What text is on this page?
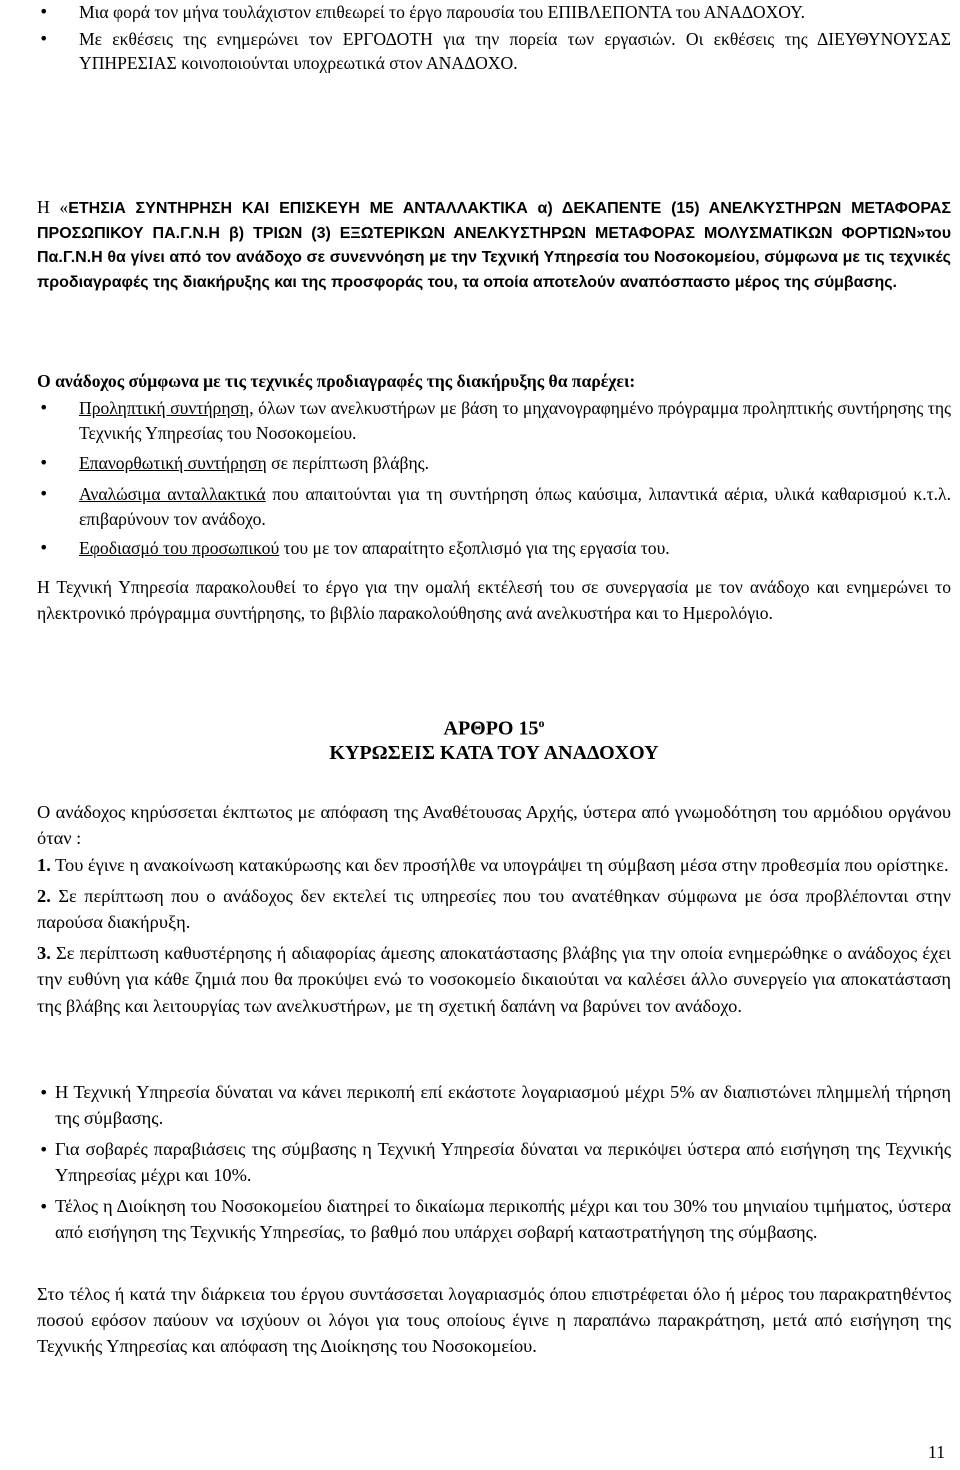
• Μια φορά τον μήνα τουλάχιστον επιθεωρεί το έργο παρουσία του ΕΠΙΒΛΕΠΟΝΤΑ του ΑΝΑΔΟΧΟΥ.

• Με εκθέσεις της ενημερώνει τον ΕΡΓΟΔΟΤΗ για την πορεία των εργασιών. Οι εκθέσεις της ΔΙΕΥΘΥΝΟΥΣΑΣ ΥΠΗΡΕΣΙΑΣ κοινοποιούνται υποχρεωτικά στον ΑΝΑΔΟΧΟ.

Η «ΕΤΗΣΙΑ ΣΥΝΤΗΡΗΣΗ ΚΑΙ ΕΠΙΣΚΕΥΗ ΜΕ ΑΝΤΑΛΛΑΚΤΙΚΑ α) ΔΕΚΑΠΕΝΤΕ (15) ΑΝΕΛΚΥΣΤΗΡΩΝ ΜΕΤΑΦΟΡΑΣ ΠΡΟΣΩΠΙΚΟΥ ΠΑ.Γ.Ν.Η β) ΤΡΙΩΝ (3) ΕΞΩΤΕΡΙΚΩΝ ΑΝΕΛΚΥΣΤΗΡΩΝ ΜΕΤΑΦΟΡΑΣ ΜΟΛΥΣΜΑΤΙΚΩΝ ΦΟΡΤΙΩΝ»του Πα.Γ.Ν.Η θα γίνει από τον ανάδοχο σε συνεννόηση με την Τεχνική Υπηρεσία του Νοσοκομείου, σύμφωνα με τις τεχνικές προδιαγραφές της διακήρυξης και της προσφοράς του, τα οποία αποτελούν αναπόσπαστο μέρος της σύμβασης.

Ο ανάδοχος σύμφωνα με τις τεχνικές προδιαγραφές της διακήρυξης θα παρέχει:

• Προληπτική συντήρηση, όλων των ανελκυστήρων με βάση το μηχανογραφημένο πρόγραμμα προληπτικής συντήρησης της Τεχνικής Υπηρεσίας του Νοσοκομείου.

• Επανορθωτική συντήρηση σε περίπτωση βλάβης.

• Αναλώσιμα ανταλλακτικά που απαιτούνται για τη συντήρηση όπως καύσιμα, λιπαντικά αέρια, υλικά καθαρισμού κ.τ.λ. επιβαρύνουν τον ανάδοχο.

• Εφοδιασμό του προσωπικού του με τον απαραίτητο εξοπλισμό για της εργασία του.

Η Τεχνική Υπηρεσία παρακολουθεί το έργο για την ομαλή εκτέλεσή του σε συνεργασία με τον ανάδοχο και ενημερώνει το ηλεκτρονικό πρόγραμμα συντήρησης, το βιβλίο παρακολούθησης ανά ανελκυστήρα και το Ημερολόγιο.

ΑΡΘΡΟ $15^o$

ΚΥΡΩΣΕΙΣ ΚΑΤΑ ΤΟΥ ΑΝΑΔΟΧΟΥ

Ο ανάδοχος κηρύσσεται έκπτωτος με απόφαση της Αναθέτουσας Αρχής, ύστερα από γνωμοδότηση του αρμόδιου οργάνου όταν :

1. Του έγινε η ανακοίνωση κατακύρωσης και δεν προσήλθε να υπογράψει τη σύμβαση μέσα στην προθεσμία που ορίστηκε.

2. Σε περίπτωση που ο ανάδοχος δεν εκτελεί τις υπηρεσίες που του ανατέθηκαν σύμφωνα με όσα προβλέπονται στην παρούσα διακήρυξη.

3. Σε περίπτωση καθυστέρησης ή αδιαφορίας άμεσης αποκατάστασης βλάβης για την οποία ενημερώθηκε ο ανάδοχος έχει την ευθύνη για κάθε ζημιά που θα προκύψει ενώ το νοσοκομείο δικαιούται να καλέσει άλλο συνεργείο για αποκατάσταση της βλάβης και λειτουργίας των ανελκυστήρων, με τη σχετική δαπάνη να βαρύνει τον ανάδοχο.

• Η Τεχνική Υπηρεσία δύναται να κάνει περικοπή επί εκάστοτε λογαριασμού μέχρι 5% αν διαπιστώνει πλημμελή τήρηση της σύμβασης.

• Για σοβαρές παραβιάσεις της σύμβασης η Τεχνική Υπηρεσία δύναται να περικόψει ύστερα από εισήγηση της Τεχνικής Υπηρεσίας μέχρι και 10%.

• Τέλος η Διοίκηση του Νοσοκομείου διατηρεί το δικαίωμα περικοπής μέχρι και του 30% του μηνιαίου τιμήματος, ύστερα από εισήγηση της Τεχνικής Υπηρεσίας, το βαθμό που υπάρχει σοβαρή καταστρατήγηση της σύμβασης.

Στο τέλος ή κατά την διάρκεια του έργου συντάσσεται λογαριασμός όπου επιστρέφεται όλο ή μέρος του παρακρατηθέντος ποσού εφόσον παύουν να ισχύουν οι λόγοι για τους οποίους έγινε η παραπάνω παρακράτηση, μετά από εισήγηση της Τεχνικής Υπηρεσίας και απόφαση της Διοίκησης του Νοσοκομείου.

11
